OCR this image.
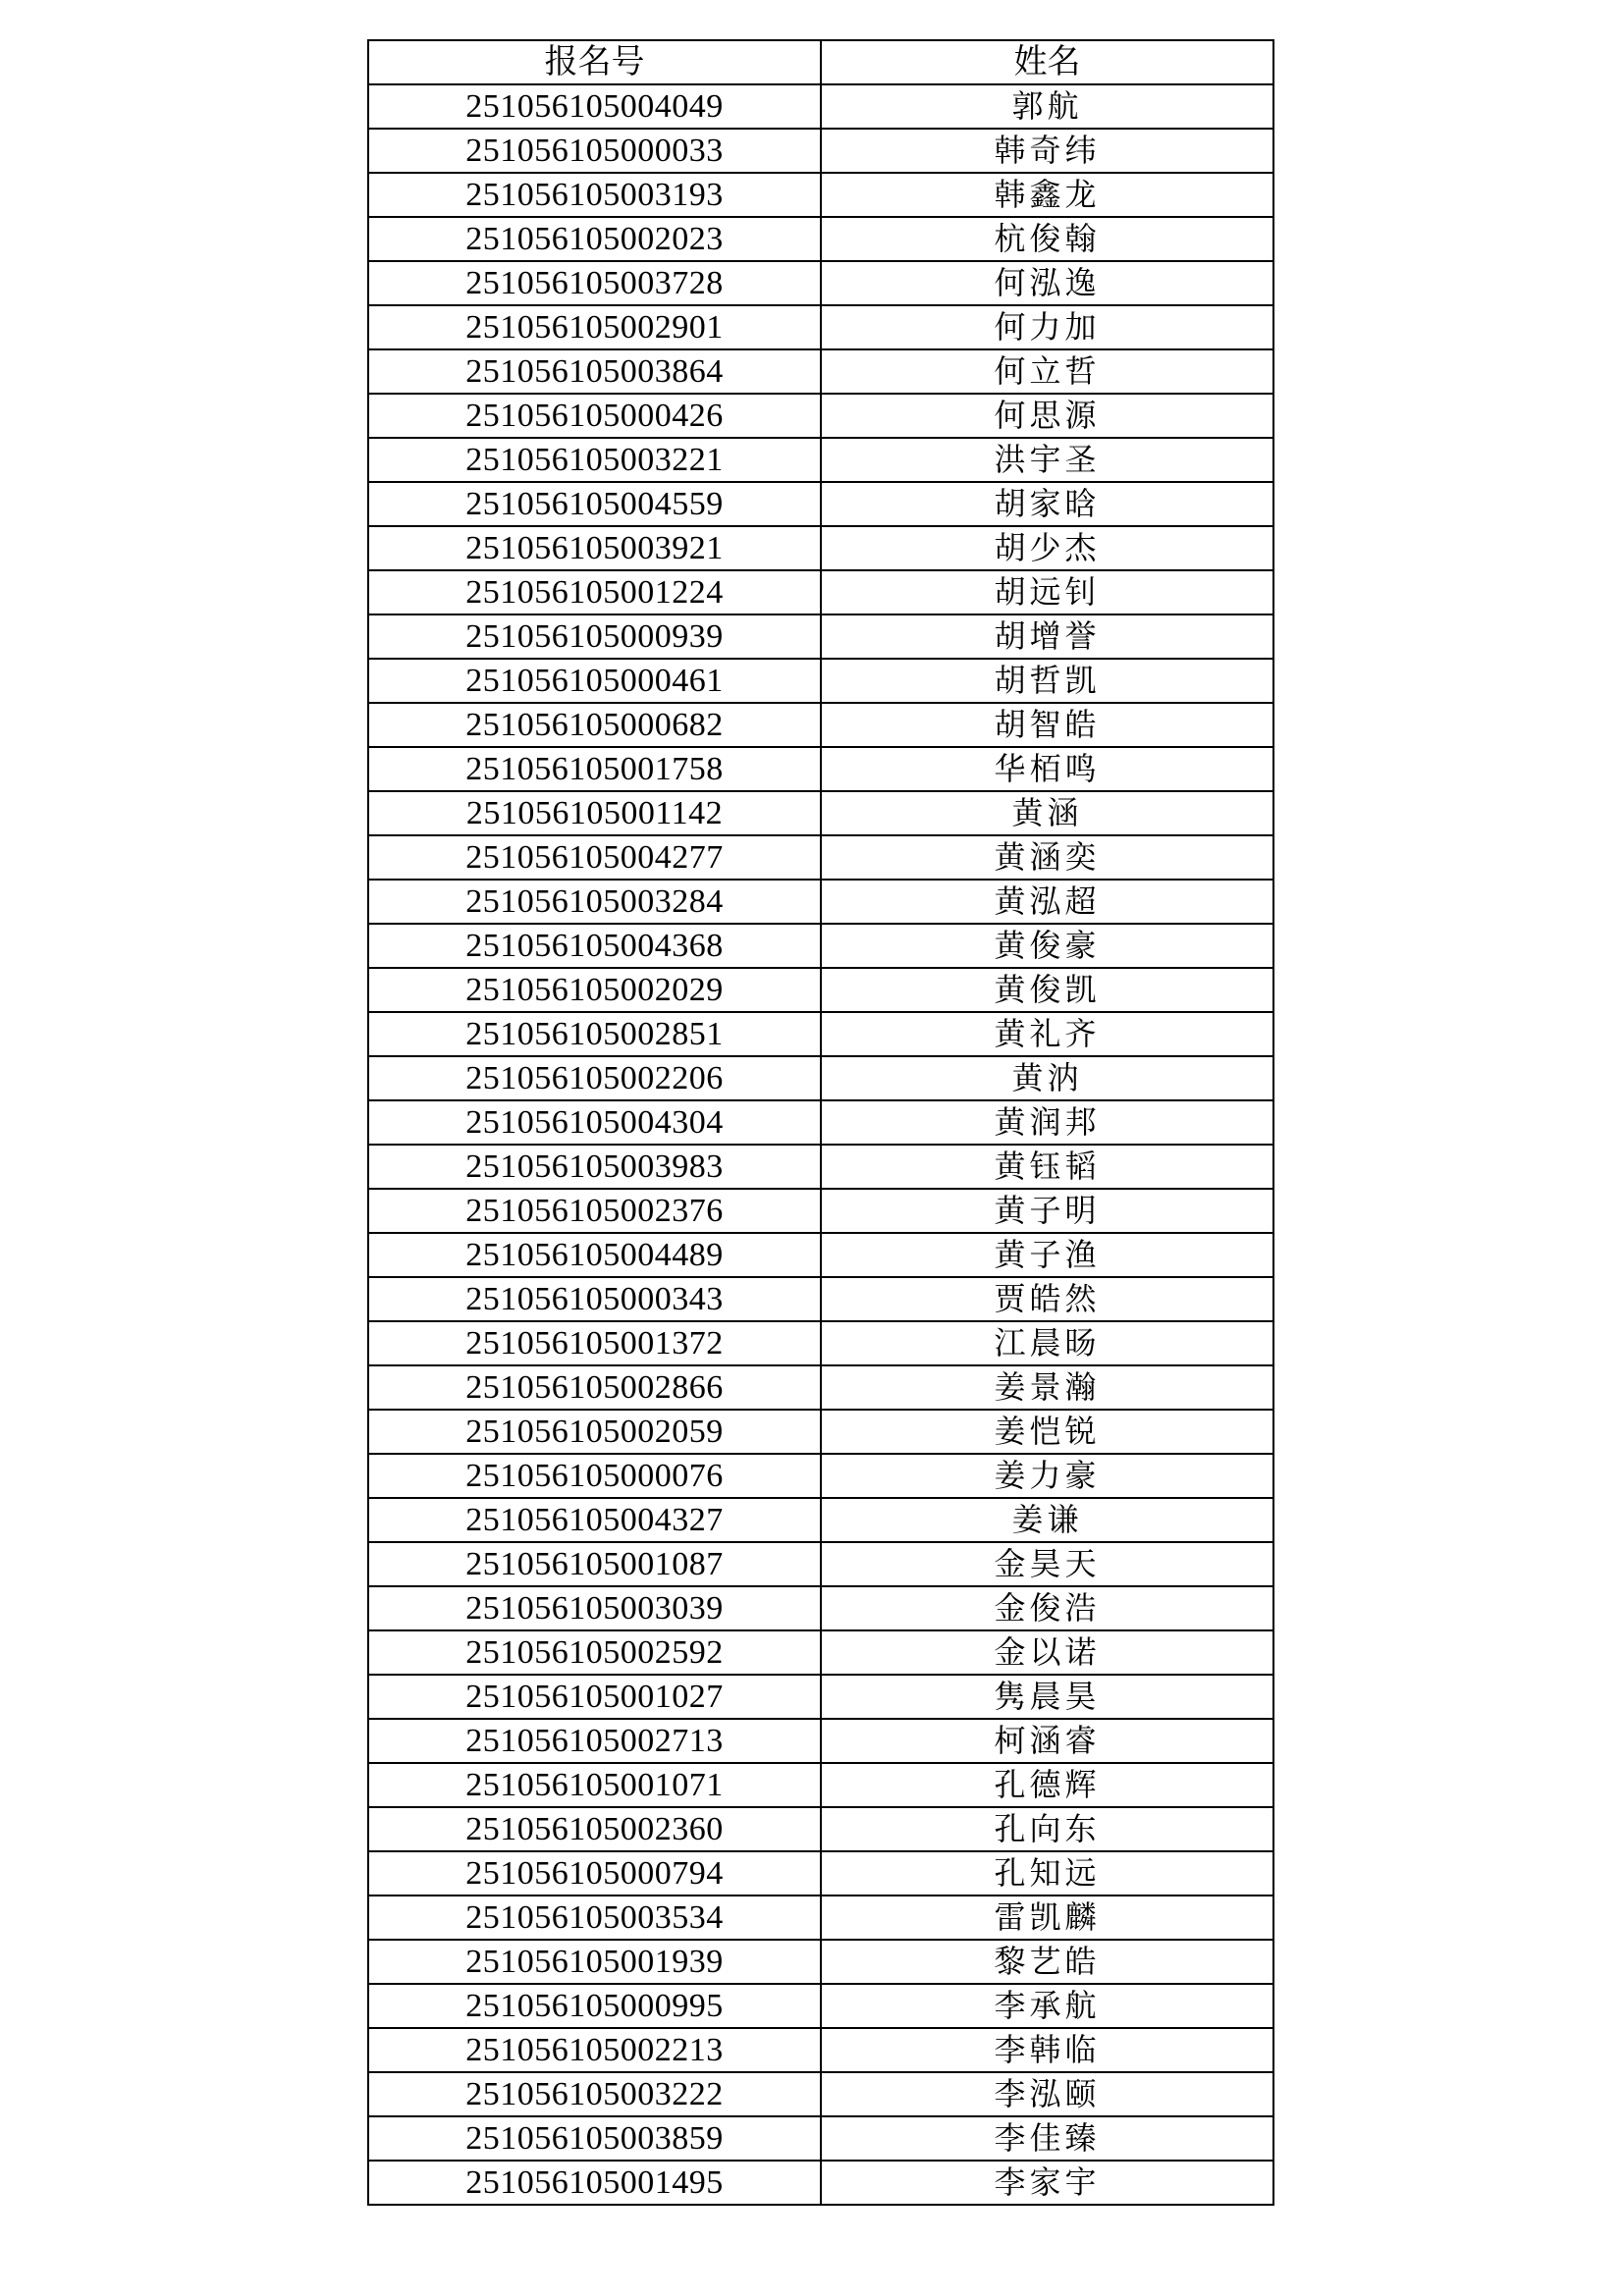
报名号	姓名
251056105004049	郭航
251056105000033	韩奇纬
251056105003193	韩鑫龙
251056105002023	杭俊翰
251056105003728	何泓逸
251056105002901	何力加
251056105003864	何立哲
251056105000426	何思源
251056105003221	洪宇圣
251056105004559	胡家晗
251056105003921	胡少杰
251056105001224	胡远钊
251056105000939	胡增誉
251056105000461	胡哲凯
251056105000682	胡智皓
251056105001758	华栢鸣
251056105001142	黄涵
251056105004277	黄涵奕
251056105003284	黄泓超
251056105004368	黄俊豪
251056105002029	黄俊凯
251056105002851	黄礼齐
251056105002206	黄汭
251056105004304	黄润邦
251056105003983	黄钰韬
251056105002376	黄子明
251056105004489	黄子渔
251056105000343	贾皓然
251056105001372	江晨旸
251056105002866	姜景瀚
251056105002059	姜恺锐
251056105000076	姜力豪
251056105004327	姜谦
251056105001087	金昊天
251056105003039	金俊浩
251056105002592	金以诺
251056105001027	隽晨昊
251056105002713	柯涵睿
251056105001071	孔德辉
251056105002360	孔向东
251056105000794	孔知远
251056105003534	雷凯麟
251056105001939	黎艺皓
251056105000995	李承航
251056105002213	李韩临
251056105003222	李泓颐
251056105003859	李佳臻
251056105001495	李家宇
